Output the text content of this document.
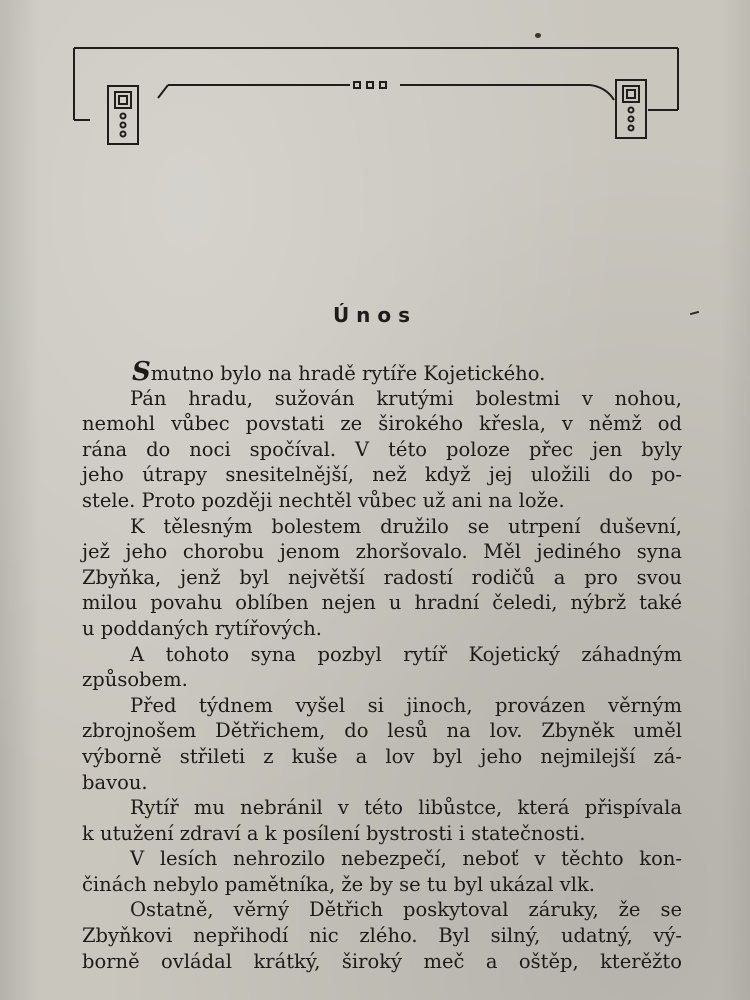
Únos
Smutno bylo na hradě rytíře Kojetického.
Pán hradu, sužován krutými bolestmi v nohou,
nemohl vůbec povstati ze širokého křesla, v němž od
rána do noci spočíval. V této poloze přec jen byly
jeho útrapy snesitelnější, než když jej uložili do po-
stele. Proto později nechtěl vůbec už ani na lože.
K tělesným bolestem družilo se utrpení duševní,
jež jeho chorobu jenom zhoršovalo. Měl jediného syna
Zbyňka, jenž byl největší radostí rodičů a pro svou
milou povahu oblíben nejen u hradní čeledi, nýbrž také
u poddaných rytířových.
A tohoto syna pozbyl rytíř Kojetický záhadným
způsobem.
Před týdnem vyšel si jinoch, provázen věrným
zbrojnošem Dětřichem, do lesů na lov. Zbyněk uměl
výborně střileti z kuše a lov byl jeho nejmilejší zá-
bavou.
Rytíř mu nebránil v této libůstce, která přispívala
k utužení zdraví a k posílení bystrosti i statečnosti.
V lesích nehrozilo nebezpečí, neboť v těchto kon-
činách nebylo pamětníka, že by se tu byl ukázal vlk.
Ostatně, věrný Dětřich poskytoval záruky, že se
Zbyňkovi nepřihodí nic zlého. Byl silný, udatný, vý-
borně ovládal krátký, široký meč a oštěp, kterěžto
